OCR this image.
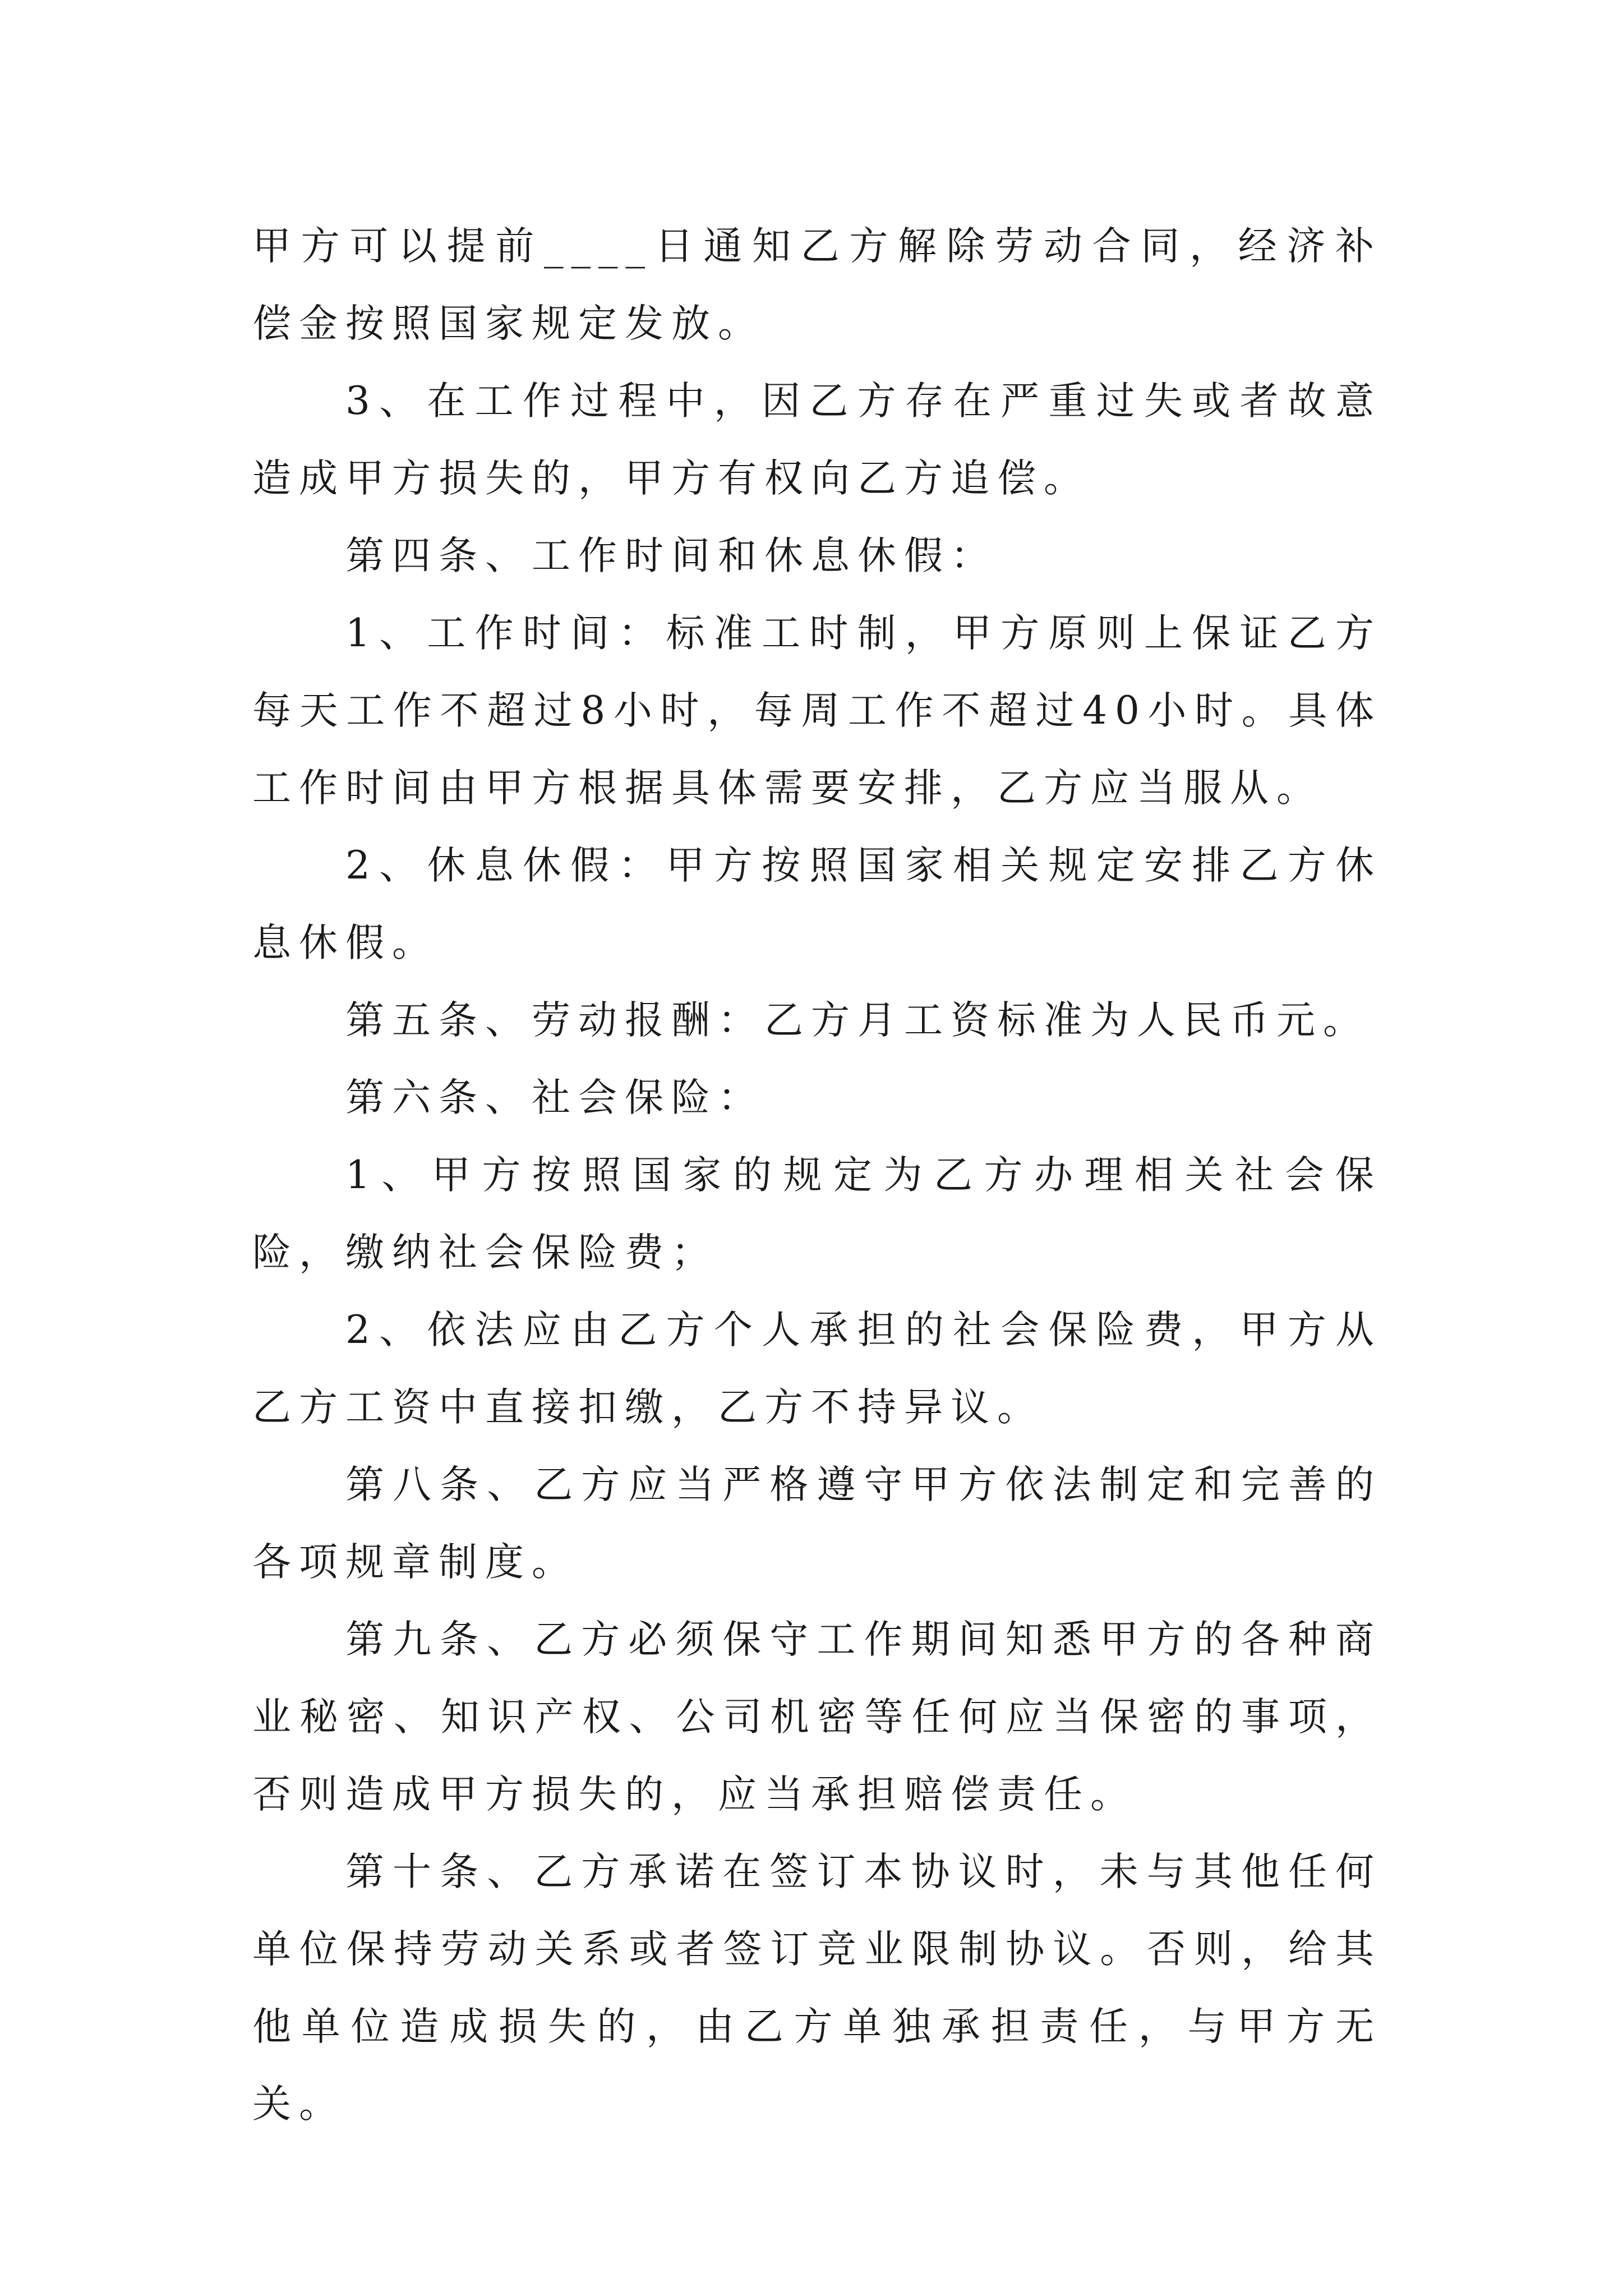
甲方可以提前____日通知乙方解除劳动合同，经济补偿金按照国家规定发放。

3、在工作过程中，因乙方存在严重过失或者故意造成甲方损失的，甲方有权向乙方追偿。

第四条、工作时间和休息休假：

1、工作时间：标准工时制，甲方原则上保证乙方每天工作不超过8小时，每周工作不超过40小时。具体工作时间由甲方根据具体需要安排，乙方应当服从。

2、休息休假：甲方按照国家相关规定安排乙方休息休假。

第五条、劳动报酬：乙方月工资标准为人民币元。

第六条、社会保险：

1、甲方按照国家的规定为乙方办理相关社会保险，缴纳社会保险费；

2、依法应由乙方个人承担的社会保险费，甲方从乙方工资中直接扣缴，乙方不持异议。

第八条、乙方应当严格遵守甲方依法制定和完善的各项规章制度。

第九条、乙方必须保守工作期间知悉甲方的各种商业秘密、知识产权、公司机密等任何应当保密的事项，否则造成甲方损失的，应当承担赔偿责任。

第十条、乙方承诺在签订本协议时，未与其他任何单位保持劳动关系或者签订竞业限制协议。否则，给其他单位造成损失的，由乙方单独承担责任，与甲方无关。
